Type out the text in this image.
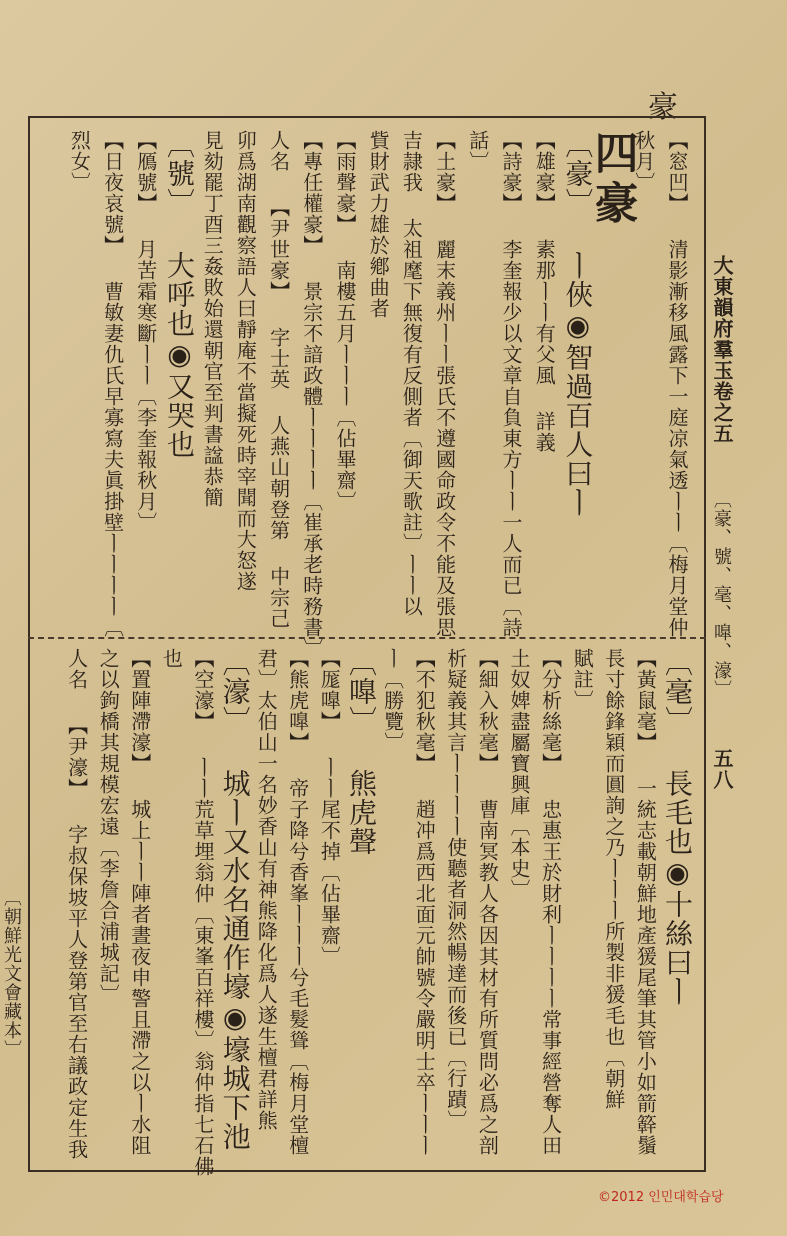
豪
大東韻府羣玉卷之五
〔豪、號、毫、嘷、濠〕
五八
〔朝鮮光文會藏本〕
【窓凹】 清影漸移風露下一庭凉氣透ㅣㅣ〔梅月堂仲
秋月〕
四豪
〔豪〕 ㅣ俠◉智過百人曰ㅣ
【雄豪】 素那ㅣㅣ有父風 詳義
【詩豪】 李奎報少以文章自負東方ㅣㅣ一人而已〔詩
話〕
【土豪】 麗末義州ㅣㅣ張氏不遵國命政令不能及張思
吉隷我 太祖麾下無復有反側者〔御天歌註〕ㅣㅣ以
貲財武力雄於鄕曲者
【雨聲豪】 南樓五月ㅣㅣㅣ〔佔畢齋〕
【專任權豪】 景宗不諳政體ㅣㅣㅣㅣ〔崔承老時務書〕
人名 【尹世豪】 字士英 人燕山朝登第 中宗己
卯爲湖南觀察語人曰靜庵不當擬死時宰聞而大怒遂
見劾罷丁酉三姦敗始還朝官至判書諡恭簡
〔號〕 大呼也◉又哭也
【鴈號】 月苦霜寒斷ㅣㅣ〔李奎報秋月〕
【日夜哀號】 曹敏妻仇氏早寡寫夫眞掛壁ㅣㅣㅣㅣ〔
烈女〕
〔毫〕 長毛也◉十絲曰ㅣ
【黃鼠毫】 一統志載朝鮮地產猨尾筆其管小如箭簳鬚
長寸餘鋒穎而圓詢之乃ㅣㅣㅣ所製非猨毛也〔朝鮮
賦註〕
【分析絲毫】 忠惠王於財利ㅣㅣㅣㅣ常事經營奪人田
土奴婢盡屬寶興庫〔本史〕
【細入秋毫】 曹南冥教人各因其材有所質問必爲之剖
析疑義其言ㅣㅣㅣㅣ使聽者洞然暢達而後已〔行蹟〕
【不犯秋毫】 趙冲爲西北面元帥號令嚴明士卒ㅣㅣㅣ
ㅣ〔勝覽〕
〔嘷〕 熊虎聲
【厖嘷】 ㅣㅣ尾不掉〔佔畢齋〕
【熊虎嘷】 帝子降兮香峯ㅣㅣㅣ兮毛髮聳〔梅月堂檀
君〕太伯山一名妙香山有神熊降化爲人遂生檀君詳熊
〔濠〕 城ㅣ又水名通作壕◉壕城下池
【空濠】 ㅣㅣ荒草埋翁仲〔東峯百祥樓〕翁仲指七石佛
也
【置陣滯濠】 城上ㅣㅣ陣者晝夜申警且滯之以ㅣ水阻
之以鉤橋其規模宏遠〔李詹合浦城記〕
人名 【尹濠】 字叔保坡平人登第官至右議政定生我
©2012 인민대학습당
